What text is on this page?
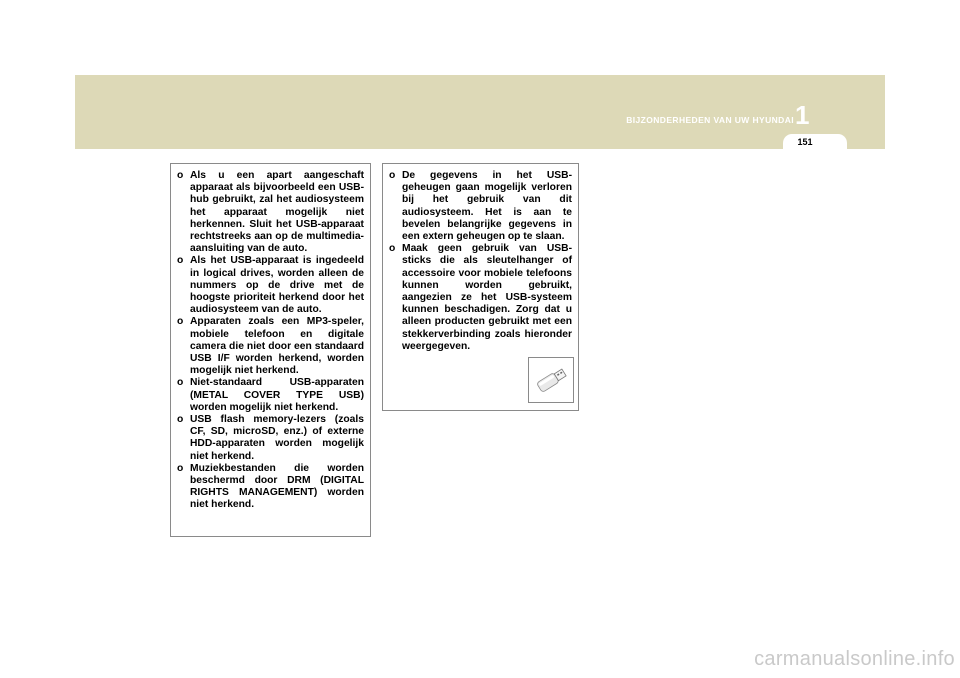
BIJZONDERHEDEN VAN UW HYUNDAI 1
151
o Als u een apart aangeschaft apparaat als bijvoorbeeld een USB-hub gebruikt, zal het audiosysteem het apparaat mogelijk niet herkennen. Sluit het USB-apparaat rechtstreeks aan op de multimedia-aansluiting van de auto.
o Als het USB-apparaat is ingedeeld in logical drives, worden alleen de nummers op de drive met de hoogste prioriteit herkend door het audiosysteem van de auto.
o Apparaten zoals een MP3-speler, mobiele telefoon en digitale camera die niet door een standaard USB I/F worden herkend, worden mogelijk niet herkend.
o Niet-standaard USB-apparaten (METAL COVER TYPE USB) worden mogelijk niet herkend.
o USB flash memory-lezers (zoals CF, SD, microSD, enz.) of externe HDD-apparaten worden mogelijk niet herkend.
o Muziekbestanden die worden beschermd door DRM (DIGITAL RIGHTS MANAGEMENT) worden niet herkend.
o De gegevens in het USB-geheugen gaan mogelijk verloren bij het gebruik van dit audiosysteem. Het is aan te bevelen belangrijke gegevens in een extern geheugen op te slaan.
o Maak geen gebruik van USB-sticks die als sleutelhanger of accessoire voor mobiele telefoons kunnen worden gebruikt, aangezien ze het USB-systeem kunnen beschadigen. Zorg dat u alleen producten gebruikt met een stekkerverbinding zoals hieronder weergegeven.
carmanualsonline.info
